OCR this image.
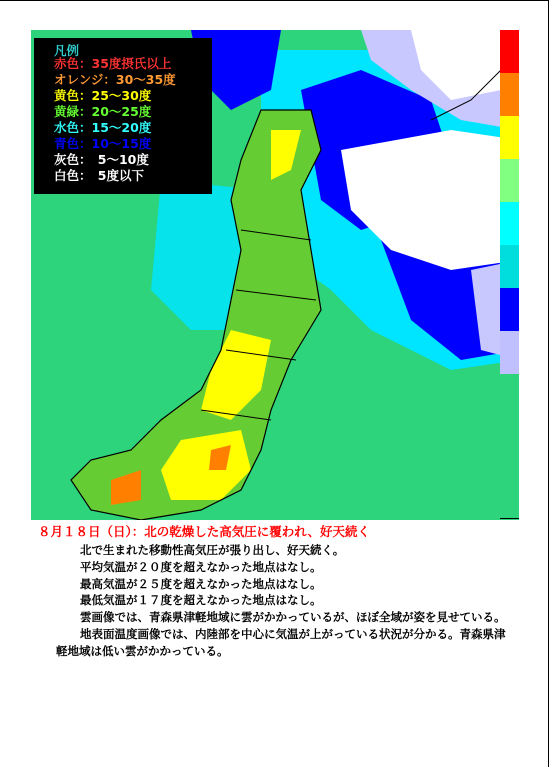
凡例
赤色：35度摂氏以上
オレンジ：30～35度
黄色：25～30度
黄緑：20～25度
水色：15～20度
青色：10～15度
灰色：　5～10度
白色：　5度以下
８月１８日（日）：北の乾燥した高気圧に覆われ、好天続く

北で生まれた移動性高気圧が張り出し、好天続く。

平均気温が２０度を超えなかった地点はなし。

最高気温が２５度を超えなかった地点はなし。

最低気温が１７度を超えなかった地点はなし。

雲画像では、青森県津軽地域に雲がかかっているが、ほぼ全域が姿を見せている。

地表面温度画像では、内陸部を中心に気温が上がっている状況が分かる。青森県津軽地域は低い雲がかかっている。
